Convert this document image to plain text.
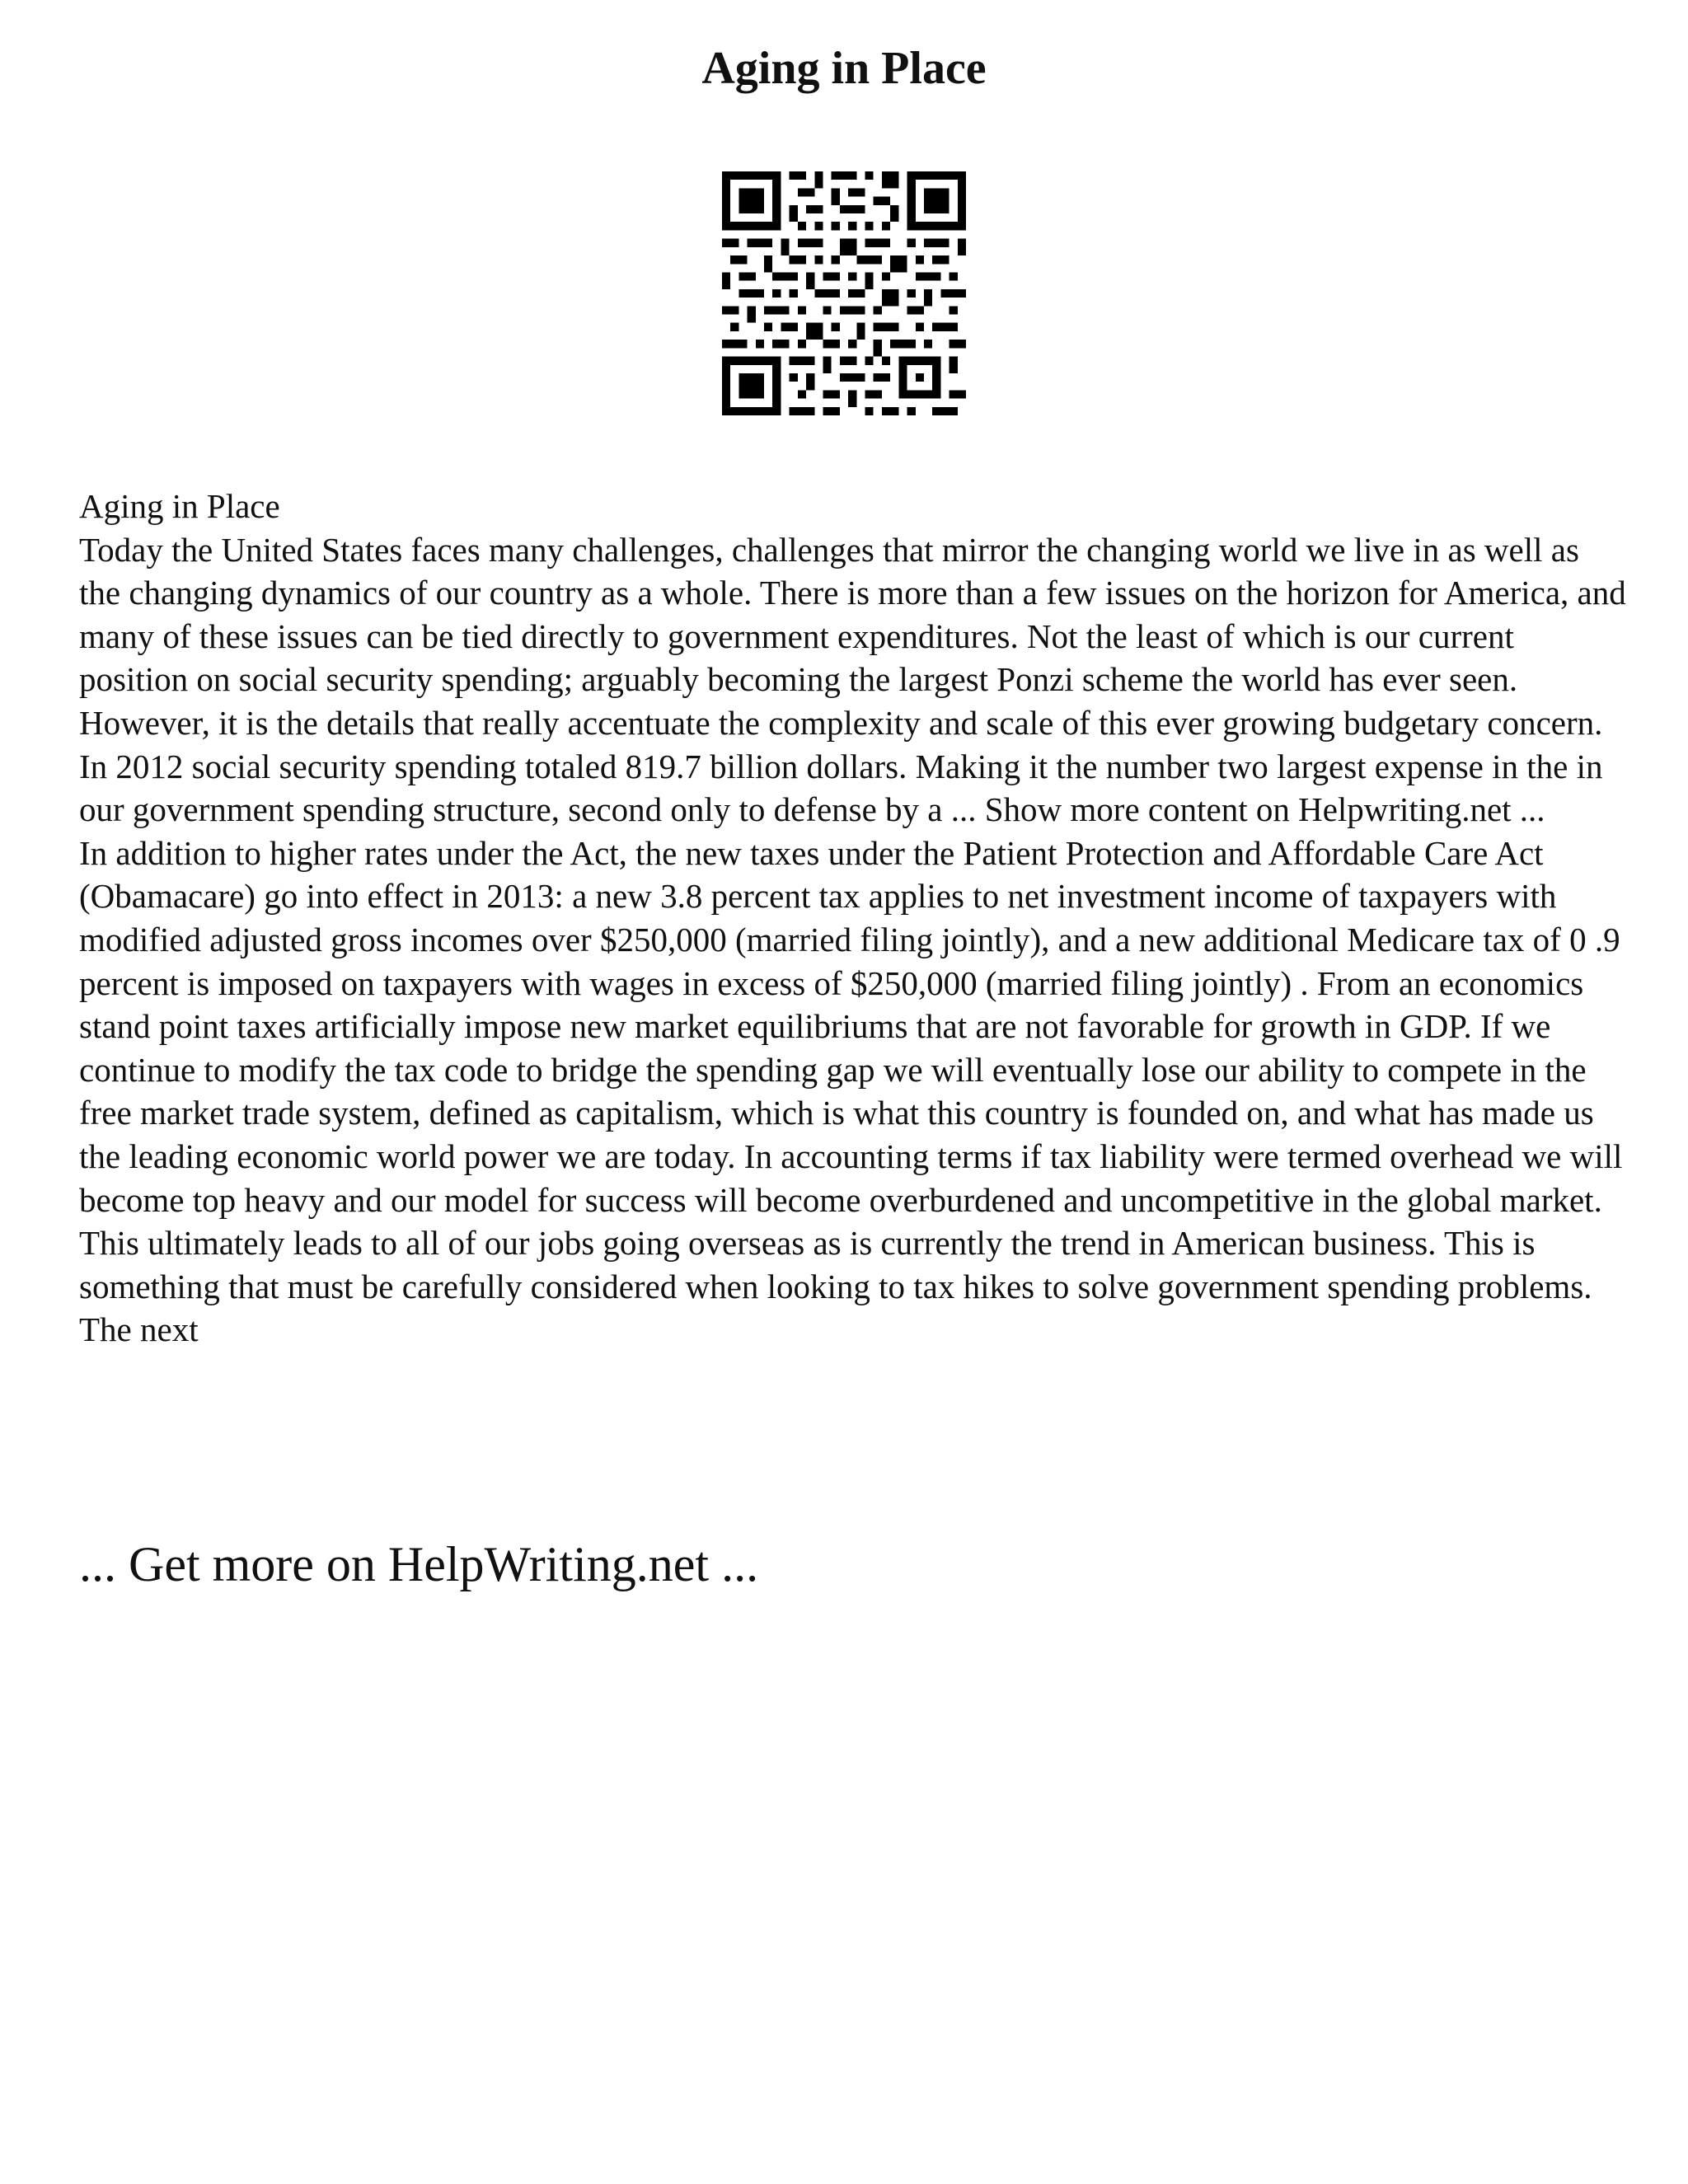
Aging in Place

Aging in Place

Today the United States faces many challenges, challenges that mirror the changing world we live in as well as the changing dynamics of our country as a whole. There is more than a few issues on the horizon for America, and many of these issues can be tied directly to government expenditures. Not the least of which is our current position on social security spending; arguably becoming the largest Ponzi scheme the world has ever seen. However, it is the details that really accentuate the complexity and scale of this ever growing budgetary concern. In 2012 social security spending totaled 819.7 billion dollars. Making it the number two largest expense in the in our government spending structure, second only to defense by a ... Show more content on Helpwriting.net ...

In addition to higher rates under the Act, the new taxes under the Patient Protection and Affordable Care Act (Obamacare) go into effect in 2013: a new 3.8 percent tax applies to net investment income of taxpayers with modified adjusted gross incomes over $250,000 (married filing jointly), and a new additional Medicare tax of 0 .9 percent is imposed on taxpayers with wages in excess of $250,000 (married filing jointly) . From an economics stand point taxes artificially impose new market equilibriums that are not favorable for growth in GDP. If we continue to modify the tax code to bridge the spending gap we will eventually lose our ability to compete in the free market trade system, defined as capitalism, which is what this country is founded on, and what has made us the leading economic world power we are today. In accounting terms if tax liability were termed overhead we will become top heavy and our model for success will become overburdened and uncompetitive in the global market. This ultimately leads to all of our jobs going overseas as is currently the trend in American business. This is something that must be carefully considered when looking to tax hikes to solve government spending problems.

The next

... Get more on HelpWriting.net ...
